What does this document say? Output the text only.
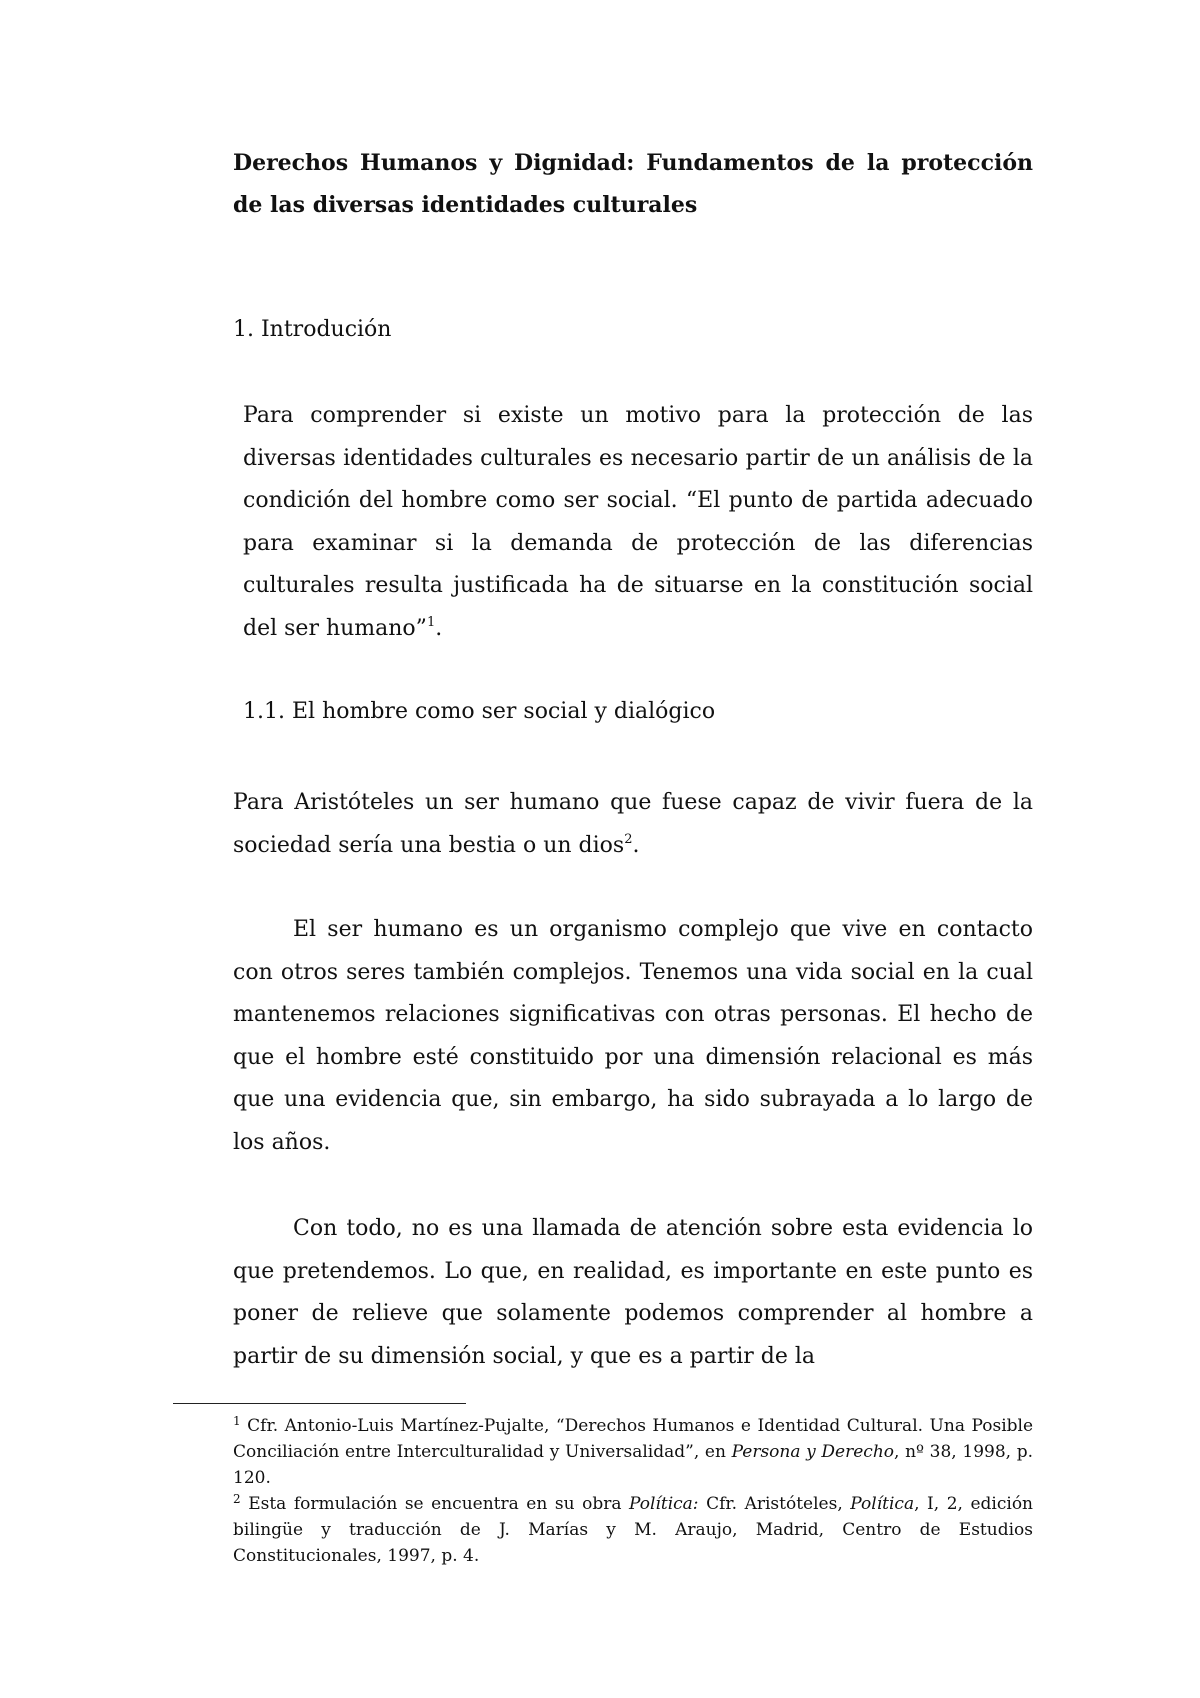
Derechos Humanos y Dignidad: Fundamentos de la protección de las diversas identidades culturales
1. Introdución

Para comprender si existe un motivo para la protección de las diversas identidades culturales es necesario partir de un análisis de la condición del hombre como ser social. “El punto de partida adecuado para examinar si la demanda de protección de las diferencias culturales resulta justificada ha de situarse en la constitución social del ser humano”$^1$.

1.1. El hombre como ser social y dialógico

Para Aristóteles un ser humano que fuese capaz de vivir fuera de la sociedad sería una bestia o un dios$^2$.

El ser humano es un organismo complejo que vive en contacto con otros seres también complejos. Tenemos una vida social en la cual mantenemos relaciones significativas con otras personas. El hecho de que el hombre esté constituido por una dimensión relacional es más que una evidencia que, sin embargo, ha sido subrayada a lo largo de los años.

Con todo, no es una llamada de atención sobre esta evidencia lo que pretendemos. Lo que, en realidad, es importante en este punto es poner de relieve que solamente podemos comprender al hombre a partir de su dimensión social, y que es a partir de la

$^1$ Cfr. Antonio-Luis Martínez-Pujalte, “Derechos Humanos e Identidad Cultural. Una Posible Conciliación entre Interculturalidad y Universalidad”, en Persona y Derecho, nº 38, 1998, p. 120.

$^2$ Esta formulación se encuentra en su obra Política: Cfr. Aristóteles, Política, I, 2, edición bilingüe y traducción de J. Marías y M. Araujo, Madrid, Centro de Estudios Constitucionales, 1997, p. 4.
